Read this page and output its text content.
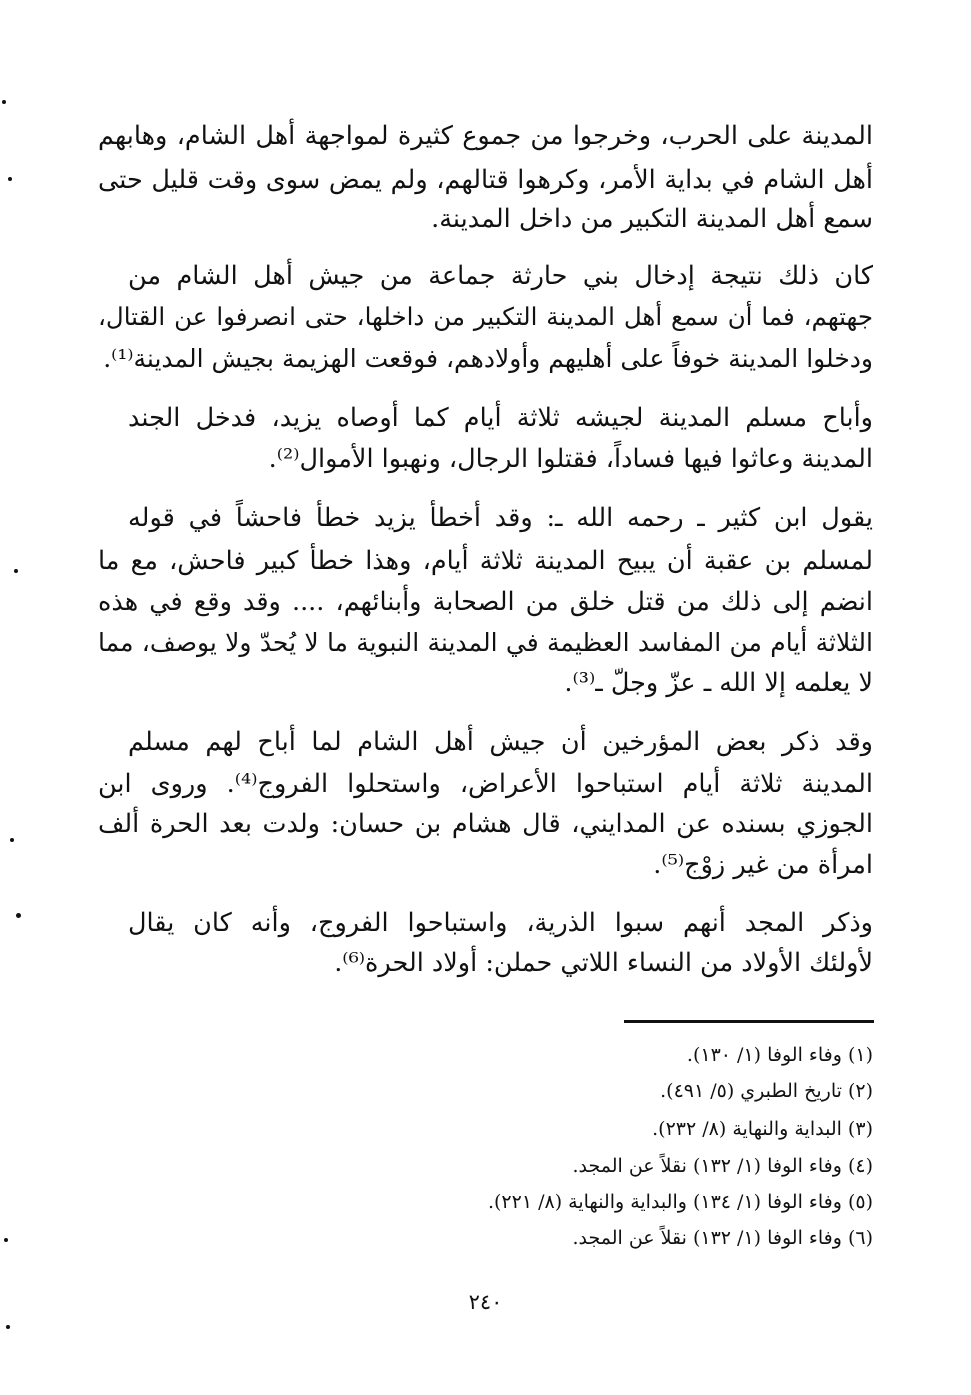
المدينة على الحرب، وخرجوا من جموع كثيرة لمواجهة أهل الشام، وهابهم
أهل الشام في بداية الأمر، وكرهوا قتالهم، ولم يمض سوى وقت قليل حتى
سمع أهل المدينة التكبير من داخل المدينة.
كان ذلك نتيجة إدخال بني حارثة جماعة من جيش أهل الشام من
جهتهم، فما أن سمع أهل المدينة التكبير من داخلها، حتى انصرفوا عن القتال،
ودخلوا المدينة خوفاً على أهليهم وأولادهم، فوقعت الهزيمة بجيش المدينة⁽¹⁾.
وأباح مسلم المدينة لجيشه ثلاثة أيام كما أوصاه يزيد، فدخل الجند
المدينة وعاثوا فيها فساداً، فقتلوا الرجال، ونهبوا الأموال⁽²⁾.
يقول ابن كثير ـ رحمه الله ـ: وقد أخطأ يزيد خطأ فاحشاً في قوله
لمسلم بن عقبة أن يبيح المدينة ثلاثة أيام، وهذا خطأ كبير فاحش، مع ما
انضم إلى ذلك من قتل خلق من الصحابة وأبنائهم، .... وقد وقع في هذه
الثلاثة أيام من المفاسد العظيمة في المدينة النبوية ما لا يُحدّ ولا يوصف، مما
لا يعلمه إلا الله ـ عزّ وجلّ ـ⁽³⁾.
وقد ذكر بعض المؤرخين أن جيش أهل الشام لما أباح لهم مسلم
المدينة ثلاثة أيام استباحوا الأعراض، واستحلوا الفروج⁽⁴⁾. وروى ابن
الجوزي بسنده عن المدايني، قال هشام بن حسان: ولدت بعد الحرة ألف
امرأة من غير زوْج⁽⁵⁾.
وذكر المجد أنهم سبوا الذرية، واستباحوا الفروج، وأنه كان يقال
لأولئك الأولاد من النساء اللاتي حملن: أولاد الحرة⁽⁶⁾.
(١) وفاء الوفا (١/ ١٣٠).
(٢) تاريخ الطبري (٥/ ٤٩١).
(٣) البداية والنهاية (٨/ ٢٣٢).
(٤) وفاء الوفا (١/ ١٣٢) نقلاً عن المجد.
(٥) وفاء الوفا (١/ ١٣٤) والبداية والنهاية (٨/ ٢٢١).
(٦) وفاء الوفا (١/ ١٣٢) نقلاً عن المجد.
٢٤٠
